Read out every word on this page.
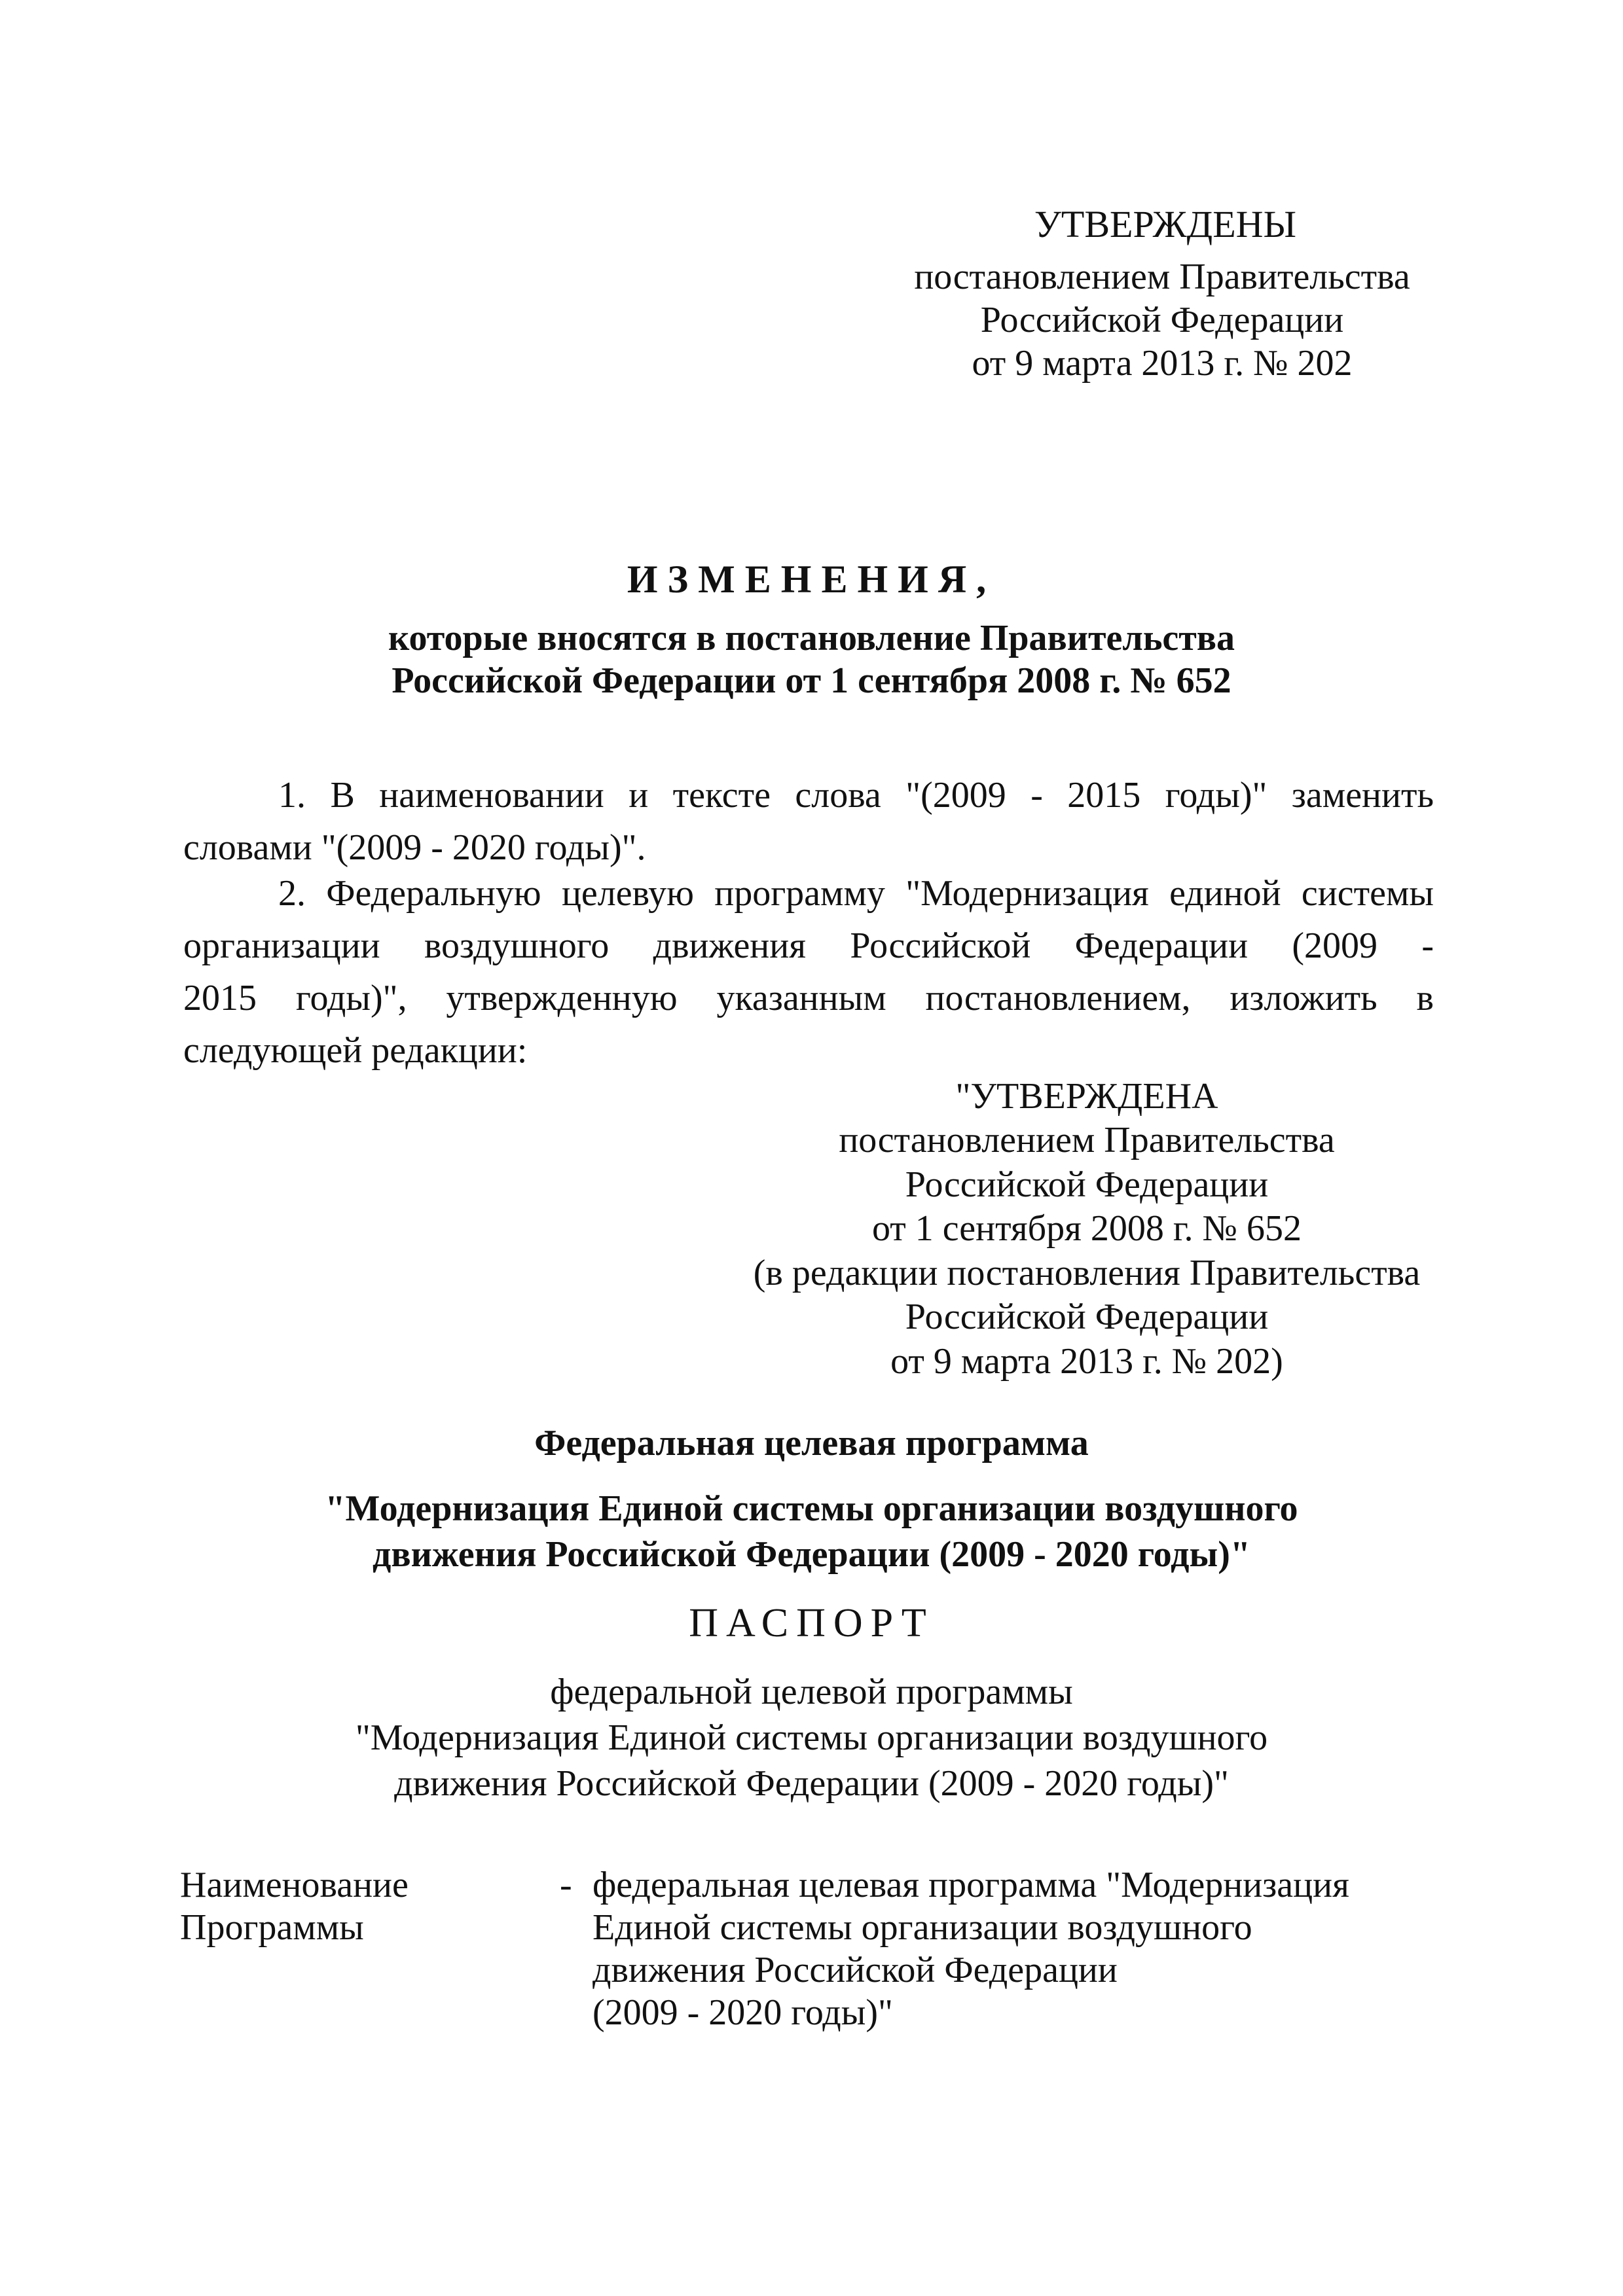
УТВЕРЖДЕНЫ
постановлением Правительства
Российской Федерации
от 9 марта 2013 г. № 202
ИЗМЕНЕНИЯ,
которые вносятся в постановление Правительства
Российской Федерации от 1 сентября 2008 г. № 652
1. В наименовании и тексте слова "(2009 - 2015 годы)" заменить
словами "(2009 - 2020 годы)".
2. Федеральную целевую программу "Модернизация единой системы
организации воздушного движения Российской Федерации (2009 -
2015 годы)", утвержденную указанным постановлением, изложить в
следующей редакции:
"УТВЕРЖДЕНА
постановлением Правительства
Российской Федерации
от 1 сентября 2008 г. № 652
(в редакции постановления Правительства
Российской Федерации
от 9 марта 2013 г. № 202)
Федеральная целевая программа
"Модернизация Единой системы организации воздушного
движения Российской Федерации (2009 - 2020 годы)"
ПАСПОРТ
федеральной целевой программы
"Модернизация Единой системы организации воздушного
движения Российской Федерации (2009 - 2020 годы)"
Наименование
Программы
- федеральная целевая программа "Модернизация
Единой системы организации воздушного
движения Российской Федерации
(2009 - 2020 годы)"
